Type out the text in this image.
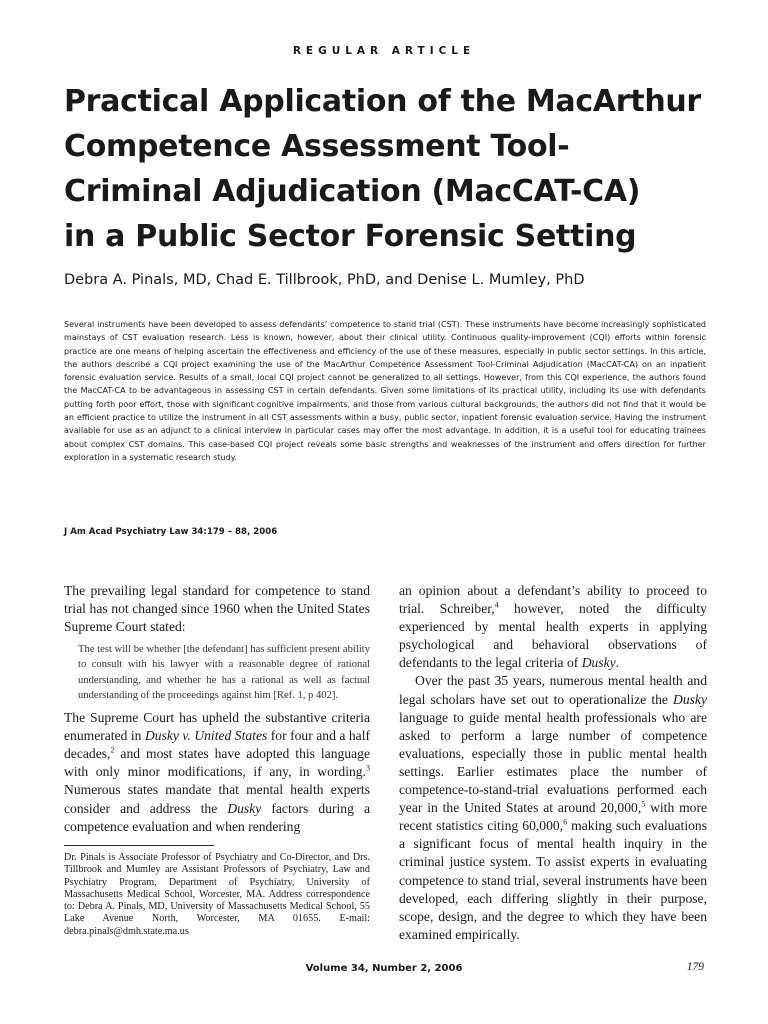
REGULAR ARTICLE
Practical Application of the MacArthur
Competence Assessment Tool-
Criminal Adjudication (MacCAT-CA)
in a Public Sector Forensic Setting
Debra A. Pinals, MD, Chad E. Tillbrook, PhD, and Denise L. Mumley, PhD

Several instruments have been developed to assess defendants’ competence to stand trial (CST). These instruments have become increasingly sophisticated mainstays of CST evaluation research. Less is known, however, about their clinical utility. Continuous quality-improvement (CQI) efforts within forensic practice are one means of helping ascertain the effectiveness and efficiency of the use of these measures, especially in public sector settings. In this article, the authors describe a CQI project examining the use of the MacArthur Competence Assessment Tool-Criminal Adjudication (MacCAT-CA) on an inpatient forensic evaluation service. Results of a small, local CQI project cannot be generalized to all settings. However, from this CQI experience, the authors found the MacCAT-CA to be advantageous in assessing CST in certain defendants. Given some limitations of its practical utility, including its use with defendants putting forth poor effort, those with significant cognitive impairments, and those from various cultural backgrounds, the authors did not find that it would be an efficient practice to utilize the instrument in all CST assessments within a busy, public sector, inpatient forensic evaluation service. Having the instrument available for use as an adjunct to a clinical interview in particular cases may offer the most advantage. In addition, it is a useful tool for educating trainees about complex CST domains. This case-based CQI project reveals some basic strengths and weaknesses of the instrument and offers direction for further exploration in a systematic research study.

J Am Acad Psychiatry Law 34:179 – 88, 2006

The prevailing legal standard for competence to stand trial has not changed since 1960 when the United States Supreme Court stated:

The test will be whether [the defendant] has sufficient present ability to consult with his lawyer with a reasonable degree of rational understanding, and whether he has a rational as well as factual understanding of the proceedings against him [Ref. 1, p 402].

The Supreme Court has upheld the substantive criteria enumerated in Dusky v. United States for four and a half decades,$^2$ and most states have adopted this language with only minor modifications, if any, in wording.$^3$ Numerous states mandate that mental health experts consider and address the Dusky factors during a competence evaluation and when rendering

Dr. Pinals is Associate Professor of Psychiatry and Co-Director, and Drs. Tillbrook and Mumley are Assistant Professors of Psychiatry, Law and Psychiatry Program, Department of Psychiatry, University of Massachusetts Medical School, Worcester, MA. Address correspondence to: Debra A. Pinals, MD, University of Massachusetts Medical School, 55 Lake Avenue North, Worcester, MA 01655. E-mail: debra.pinals@dmh.state.ma.us

an opinion about a defendant’s ability to proceed to trial. Schreiber,$^4$ however, noted the difficulty experienced by mental health experts in applying psychological and behavioral observations of defendants to the legal criteria of Dusky.

Over the past 35 years, numerous mental health and legal scholars have set out to operationalize the Dusky language to guide mental health professionals who are asked to perform a large number of competence evaluations, especially those in public mental health settings. Earlier estimates place the number of competence-to-stand-trial evaluations performed each year in the United States at around 20,000,$^5$ with more recent statistics citing 60,000,$^6$ making such evaluations a significant focus of mental health inquiry in the criminal justice system. To assist experts in evaluating competence to stand trial, several instruments have been developed, each differing slightly in their purpose, scope, design, and the degree to which they have been examined empirically.

Volume 34, Number 2, 2006	179
